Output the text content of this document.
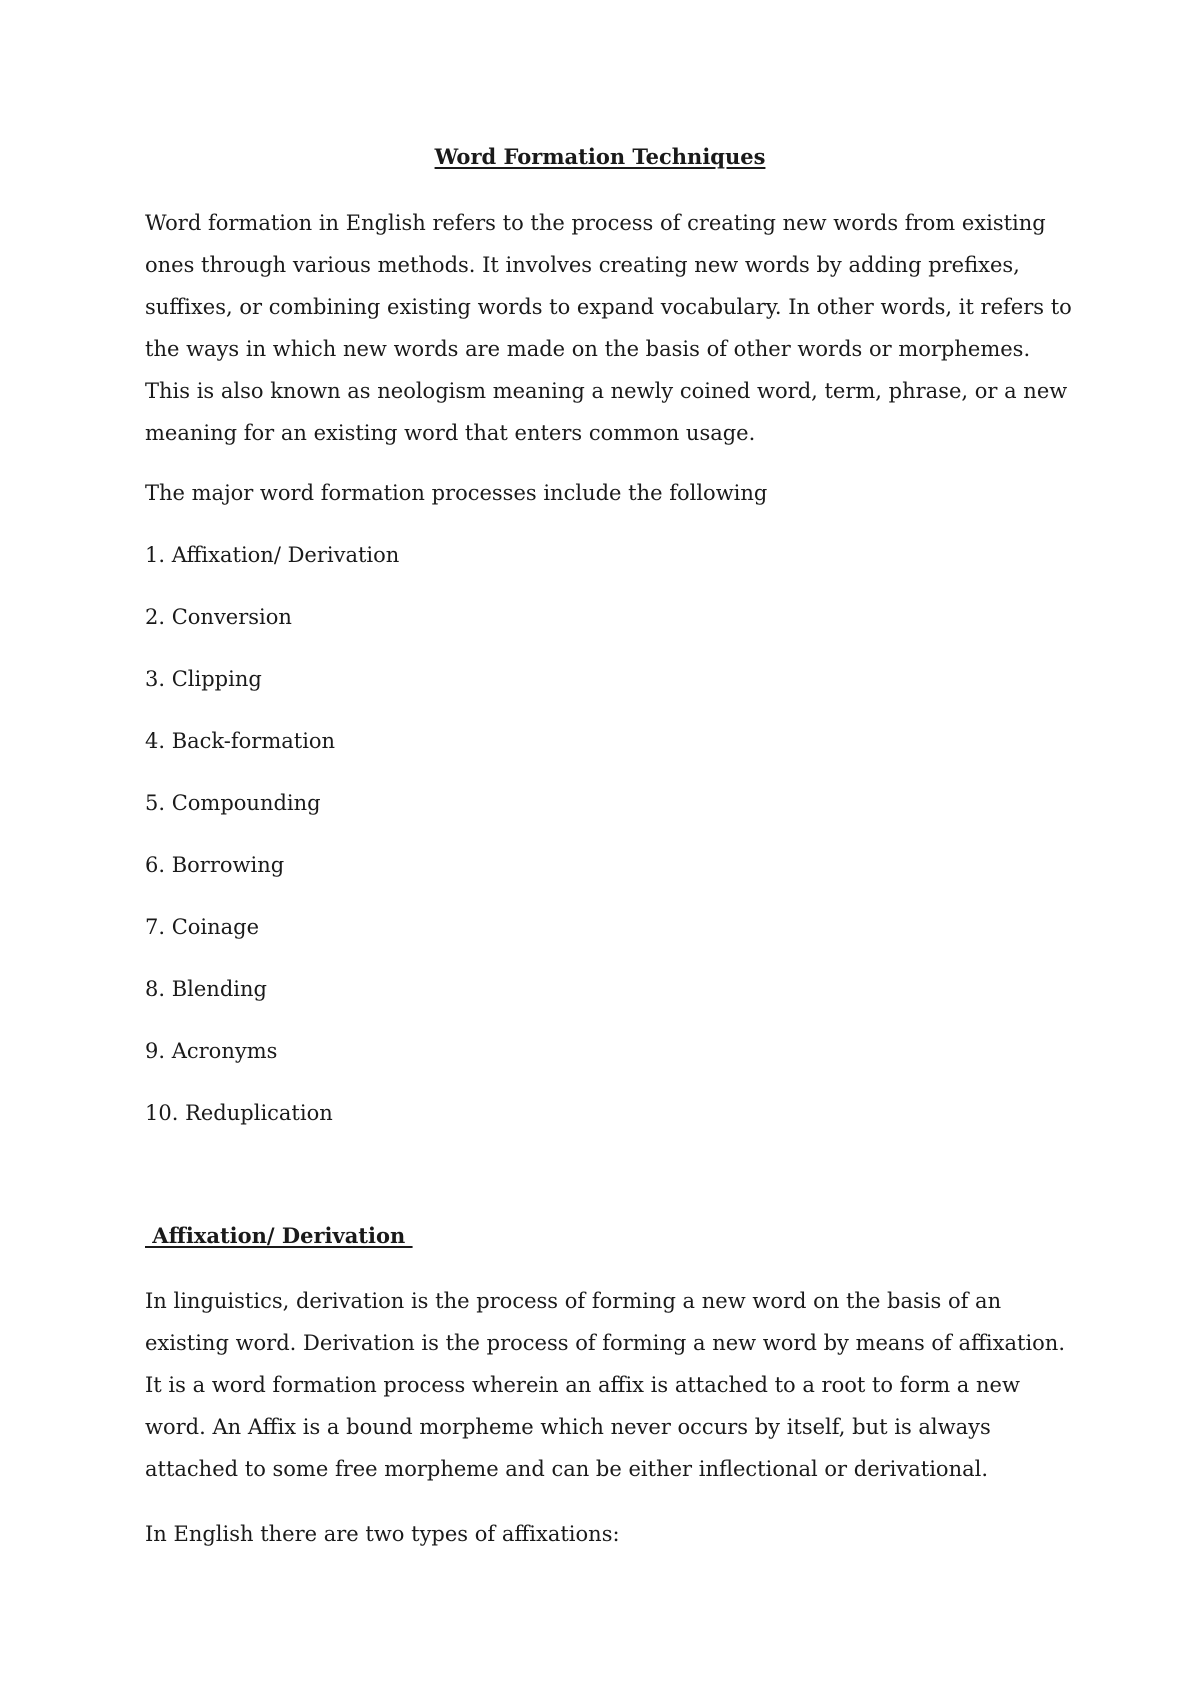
Word Formation Techniques

Word formation in English refers to the process of creating new words from existing ones through various methods. It involves creating new words by adding prefixes, suffixes, or combining existing words to expand vocabulary. In other words, it refers to the ways in which new words are made on the basis of other words or morphemes. This is also known as neologism meaning a newly coined word, term, phrase, or a new meaning for an existing word that enters common usage.

The major word formation processes include the following

1. Affixation/ Derivation
2. Conversion
3. Clipping
4. Back-formation
5. Compounding
6. Borrowing
7. Coinage
8. Blending
9. Acronyms
10. Reduplication
Affixation/ Derivation

In linguistics, derivation is the process of forming a new word on the basis of an existing word. Derivation is the process of forming a new word by means of affixation. It is a word formation process wherein an affix is attached to a root to form a new word. An Affix is a bound morpheme which never occurs by itself, but is always attached to some free morpheme and can be either inflectional or derivational.

In English there are two types of affixations:
